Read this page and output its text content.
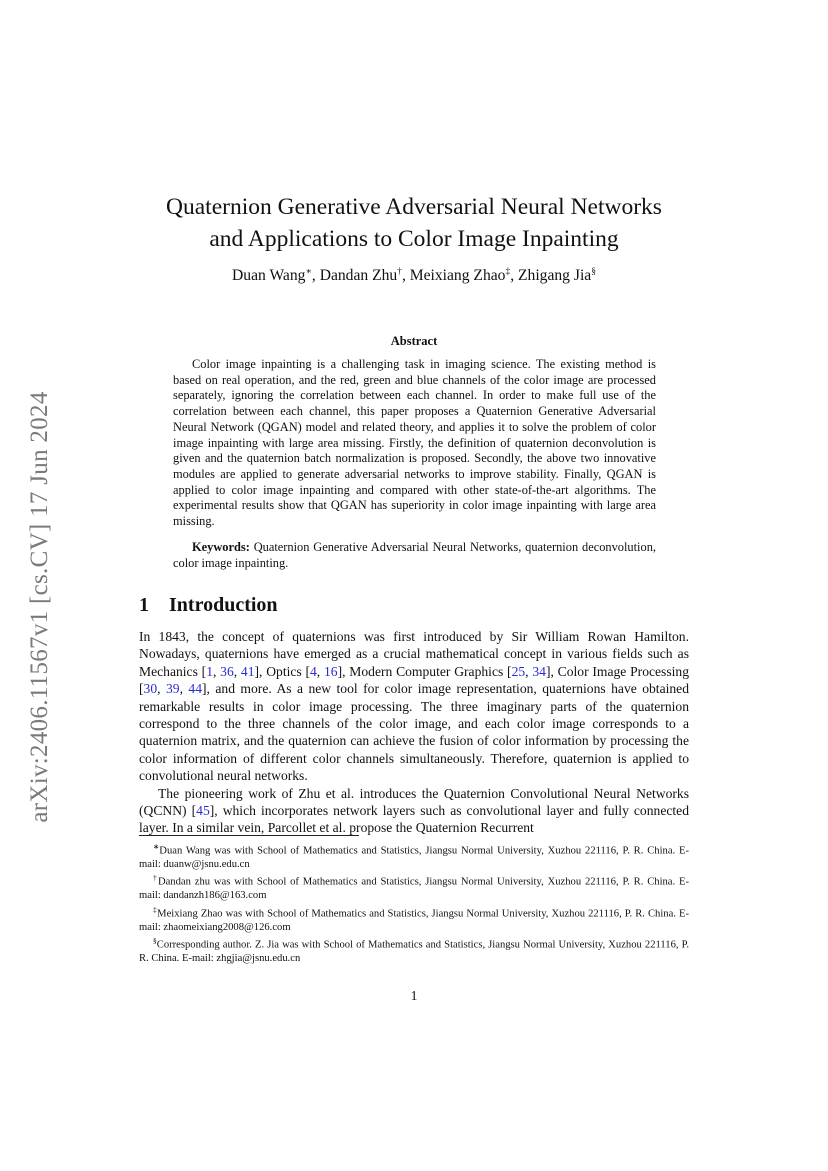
arXiv:2406.11567v1 [cs.CV] 17 Jun 2024
Quaternion Generative Adversarial Neural Networks
and Applications to Color Image Inpainting
Duan Wang∗, Dandan Zhu†, Meixiang Zhao‡, Zhigang Jia§
Abstract

Color image inpainting is a challenging task in imaging science. The existing method is based on real operation, and the red, green and blue channels of the color image are processed separately, ignoring the correlation between each channel. In order to make full use of the correlation between each channel, this paper proposes a Quaternion Generative Adversarial Neural Network (QGAN) model and related theory, and applies it to solve the problem of color image inpainting with large area missing. Firstly, the definition of quaternion deconvolution is given and the quaternion batch normalization is proposed. Secondly, the above two innovative modules are applied to generate adversarial networks to improve stability. Finally, QGAN is applied to color image inpainting and compared with other state-of-the-art algorithms. The experimental results show that QGAN has superiority in color image inpainting with large area missing.

Keywords: Quaternion Generative Adversarial Neural Networks, quaternion deconvolution, color image inpainting.

1 Introduction

In 1843, the concept of quaternions was first introduced by Sir William Rowan Hamilton. Nowadays, quaternions have emerged as a crucial mathematical concept in various fields such as Mechanics [1, 36, 41], Optics [4, 16], Modern Computer Graphics [25, 34], Color Image Processing [30, 39, 44], and more. As a new tool for color image representation, quaternions have obtained remarkable results in color image processing. The three imaginary parts of the quaternion correspond to the three channels of the color image, and each color image corresponds to a quaternion matrix, and the quaternion can achieve the fusion of color information by processing the color information of different color channels simultaneously. Therefore, quaternion is applied to convolutional neural networks.

The pioneering work of Zhu et al. introduces the Quaternion Convolutional Neural Networks (QCNN) [45], which incorporates network layers such as convolutional layer and fully connected layer. In a similar vein, Parcollet et al. propose the Quaternion Recurrent

∗Duan Wang was with School of Mathematics and Statistics, Jiangsu Normal University, Xuzhou 221116, P. R. China. E-mail: duanw@jsnu.edu.cn

†Dandan zhu was with School of Mathematics and Statistics, Jiangsu Normal University, Xuzhou 221116, P. R. China. E-mail: dandanzh186@163.com

‡Meixiang Zhao was with School of Mathematics and Statistics, Jiangsu Normal University, Xuzhou 221116, P. R. China. E-mail: zhaomeixiang2008@126.com

§Corresponding author. Z. Jia was with School of Mathematics and Statistics, Jiangsu Normal University, Xuzhou 221116, P. R. China. E-mail: zhgjia@jsnu.edu.cn

1
